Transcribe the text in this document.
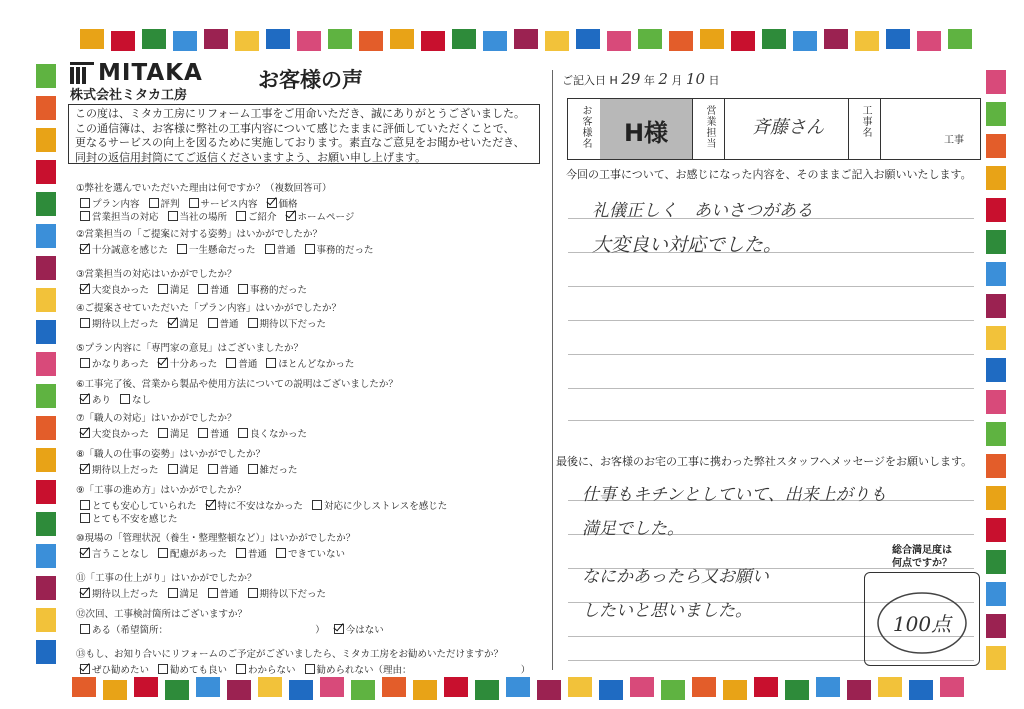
MITAKA
株式会社ミタカ工房
お客様の声
この度は、ミタカ工房にリフォーム工事をご用命いただき、誠にありがとうございました。
この通信簿は、お客様に弊社の工事内容について感じたままに評価していただくことで、
更なるサービスの向上を図るために実施しております。素直なご意見をお聞かせいただき、
同封の返信用封筒にてご返信くださいますよう、お願い申し上げます。
①弊社を選んでいただいた理由は何ですか？（複数回答可）
プラン内容 評判 サービス内容 価格
営業担当の対応 当社の場所 ご紹介 ホームページ
②営業担当の「ご提案に対する姿勢」はいかがでしたか？
十分誠意を感じた 一生懸命だった 普通 事務的だった
③営業担当の対応はいかがでしたか？
大変良かった 満足 普通 事務的だった
④ご提案させていただいた「プラン内容」はいかがでしたか？
期待以上だった 満足 普通 期待以下だった
⑤プラン内容に「専門家の意見」はございましたか？
かなりあった 十分あった 普通 ほとんどなかった
⑥工事完了後、営業から製品や使用方法についての説明はございましたか？
あり なし
⑦「職人の対応」はいかがでしたか？
大変良かった 満足 普通 良くなかった
⑧「職人の仕事の姿勢」はいかがでしたか？
期待以上だった 満足 普通 雑だった
⑨「工事の進め方」はいかがでしたか？
とても安心していられた 特に不安はなかった 対応に少しストレスを感じた
とても不安を感じた
⑩現場の「管理状況（養生・整理整頓など）」はいかがでしたか？
言うことなし 配慮があった 普通 できていない
⑪「工事の仕上がり」はいかがでしたか？
期待以上だった 満足 普通 期待以下だった
⑫次回、工事検討箇所はございますか？
ある（希望箇所：　　　　　　　　　　　　　　　　） 今はない
⑬もし、お知り合いにリフォームのご予定がございましたら、ミタカ工房をお勧めいただけますか？
ぜひ勧めたい 勧めても良い わからない 勧められない（理由：　　　　　　　　　　　　）
ご記入日 H 29 年 2 月 10 日
お客様名	H様	営業担当 斉藤さん	工事名
工事
今回の工事について、お感じになった内容を、そのままご記入お願いいたします。
礼儀正しく　あいさつがある
大変良い対応でした。
最後に、お客様のお宅の工事に携わった弊社スタッフへメッセージをお願いします。
仕事もキチンとしていて、出来上がりも
満足でした。
なにかあったら又お願い
したいと思いました。
総合満足度は
何点ですか？
100点
